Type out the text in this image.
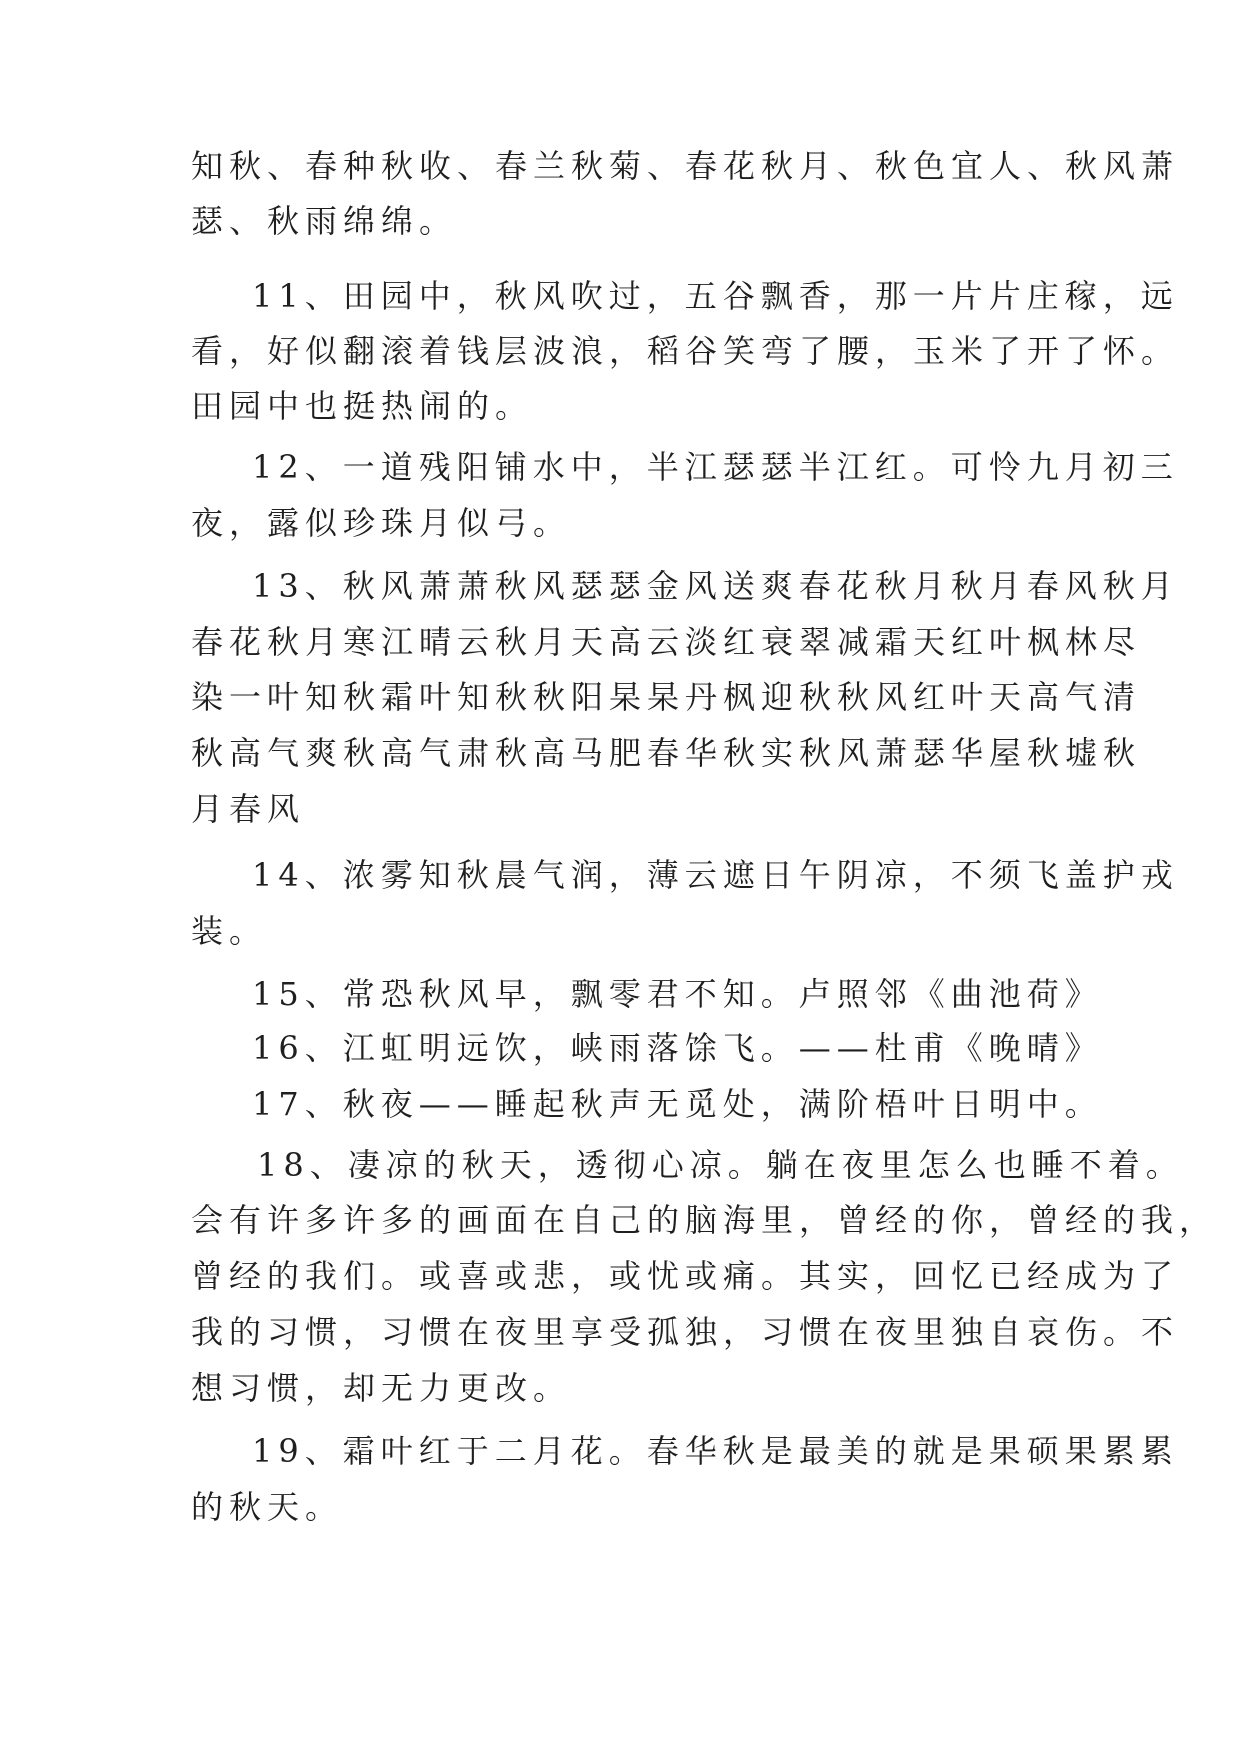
知秋、春种秋收、春兰秋菊、春花秋月、秋色宜人、秋风萧
瑟、秋雨绵绵。
11、田园中，秋风吹过，五谷飘香，那一片片庄稼，远
看，好似翻滚着钱层波浪，稻谷笑弯了腰，玉米了开了怀。
田园中也挺热闹的。
12、一道残阳铺水中，半江瑟瑟半江红。可怜九月初三
夜，露似珍珠月似弓。
13、秋风萧萧秋风瑟瑟金风送爽春花秋月秋月春风秋月
春花秋月寒江晴云秋月天高云淡红衰翠减霜天红叶枫林尽
染一叶知秋霜叶知秋秋阳杲杲丹枫迎秋秋风红叶天高气清
秋高气爽秋高气肃秋高马肥春华秋实秋风萧瑟华屋秋墟秋
月春风
14、浓雾知秋晨气润，薄云遮日午阴凉，不须飞盖护戎
装。
15、常恐秋风早，飘零君不知。卢照邻《曲池荷》
16、江虹明远饮，峡雨落馀飞。——杜甫《晚晴》
17、秋夜——睡起秋声无觅处，满阶梧叶日明中。
18、凄凉的秋天，透彻心凉。躺在夜里怎么也睡不着。
会有许多许多的画面在自己的脑海里，曾经的你，曾经的我，
曾经的我们。或喜或悲，或忧或痛。其实，回忆已经成为了
我的习惯，习惯在夜里享受孤独，习惯在夜里独自哀伤。不
想习惯，却无力更改。
19、霜叶红于二月花。春华秋是最美的就是果硕果累累
的秋天。
